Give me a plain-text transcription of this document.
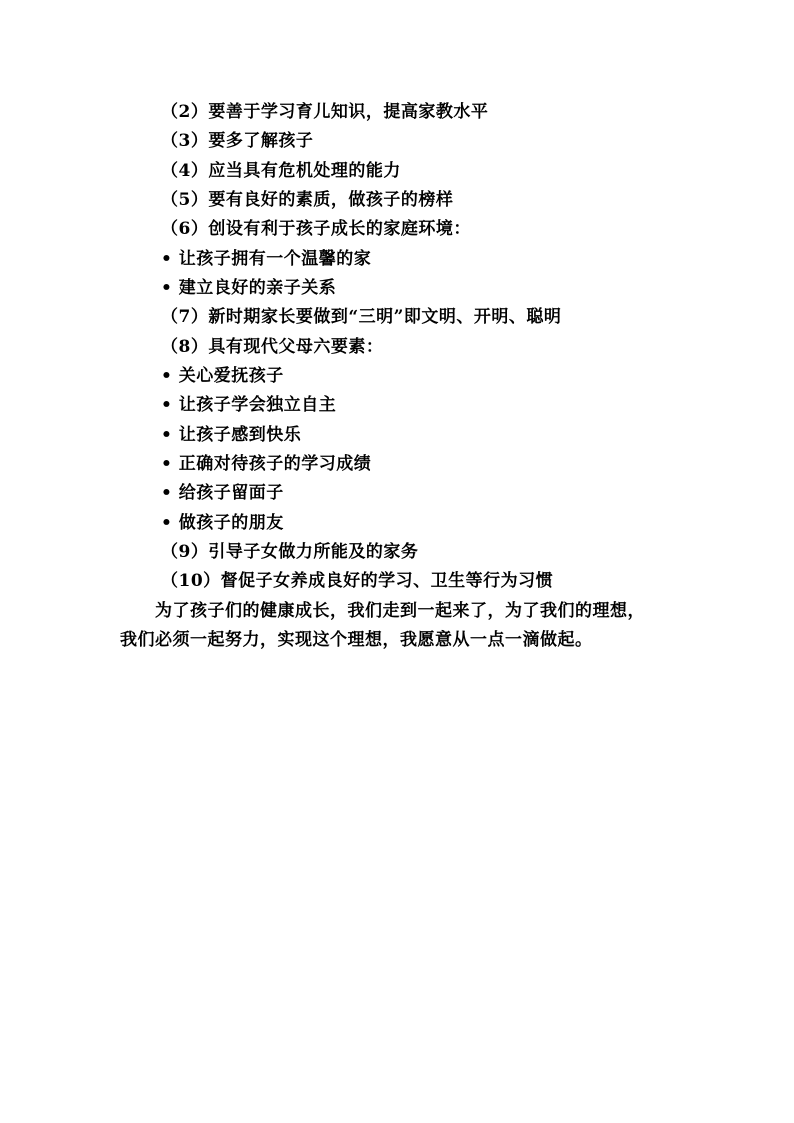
（2）要善于学习育儿知识，提高家教水平
（3）要多了解孩子
（4）应当具有危机处理的能力
（5）要有良好的素质，做孩子的榜样
（6）创设有利于孩子成长的家庭环境：
• 让孩子拥有一个温馨的家
• 建立良好的亲子关系
（7）新时期家长要做到“三明”即文明、开明、聪明
（8）具有现代父母六要素：
• 关心爱抚孩子
• 让孩子学会独立自主
• 让孩子感到快乐
• 正确对待孩子的学习成绩
• 给孩子留面子
• 做孩子的朋友
（9）引导子女做力所能及的家务
（10）督促子女养成良好的学习、卫生等行为习惯
为了孩子们的健康成长，我们走到一起来了，为了我们的理想，
我们必须一起努力，实现这个理想，我愿意从一点一滴做起。
